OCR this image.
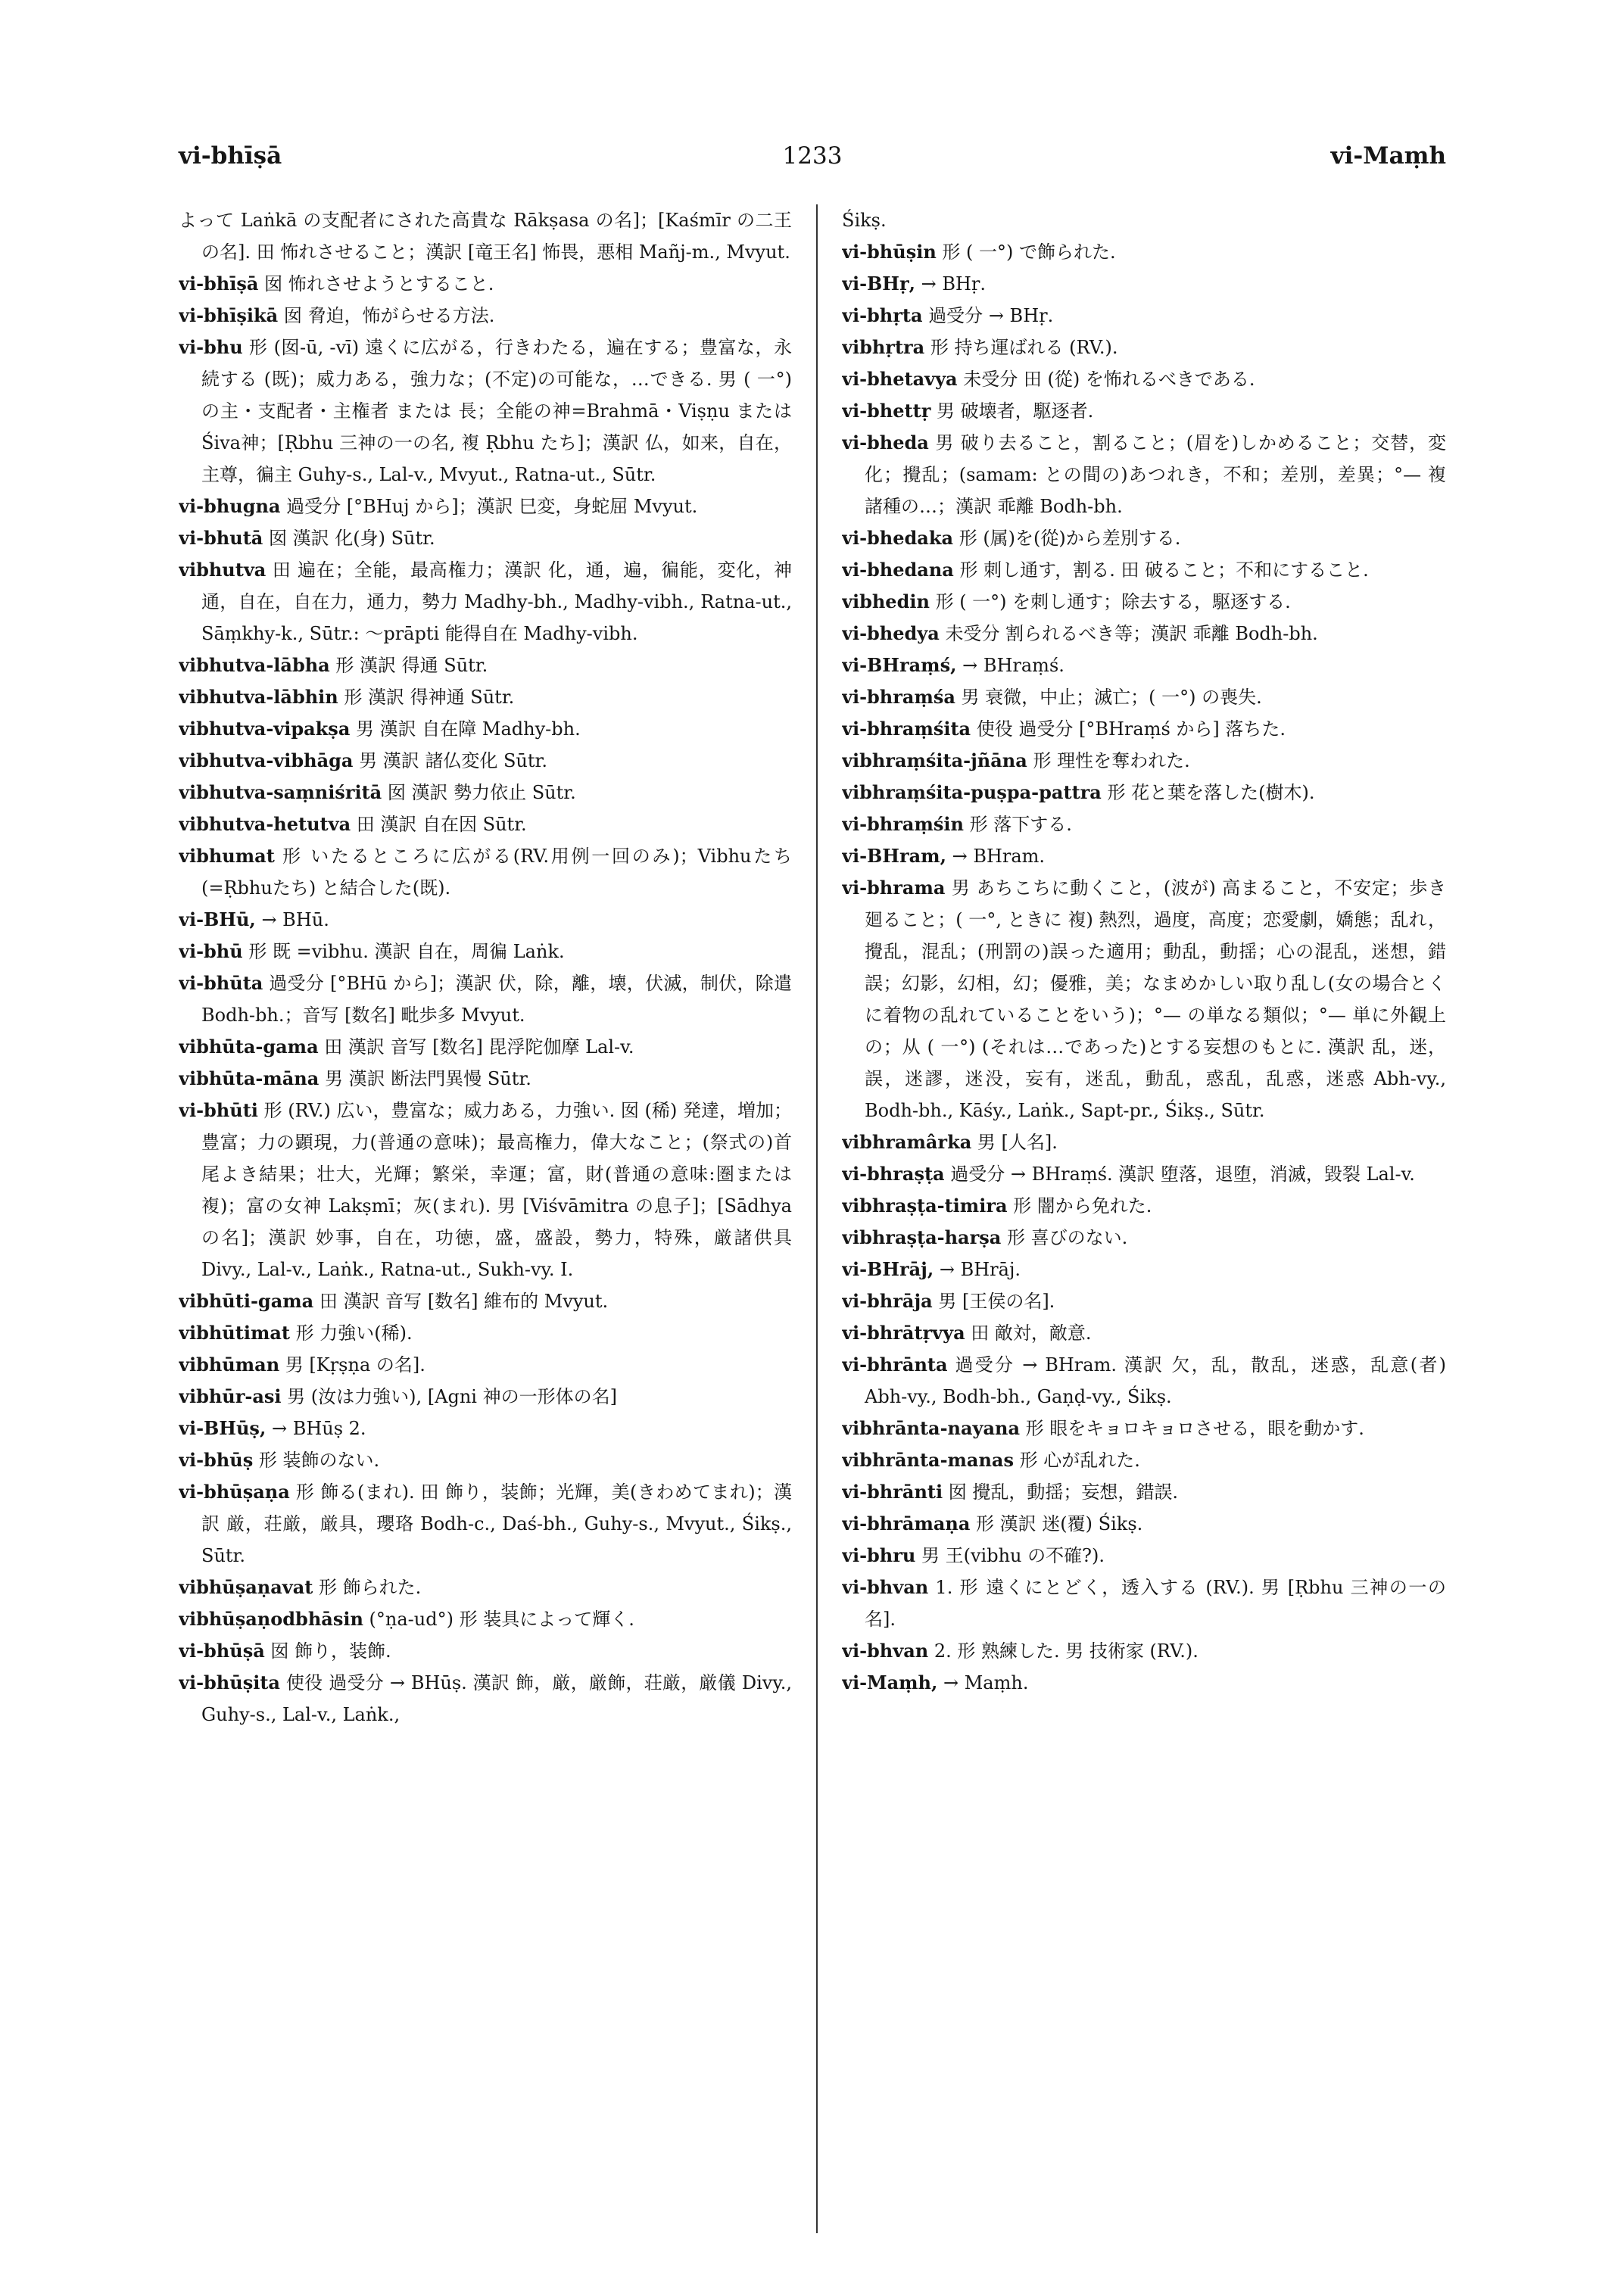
vi-bhīṣā	1233	vi-Maṃh

よって Laṅkā の支配者にされた高貴な Rākṣasa の名]；[Kaśmīr の二王の名]. 田 怖れさせること；漢訳 [竜王名] 怖畏，悪相 Mañj-m., Mvyut.

vi-bhīṣā 囡 怖れさせようとすること.

vi-bhīṣikā 囡 脅迫，怖がらせる方法.

vi-bhu 形 (囡-ū, -vī) 遠くに広がる，行きわたる，遍在する；豊富な，永続する (既)；威力ある，強力な；(不定)の可能な，…できる. 男 ( 一°) の主・支配者・主権者 または 長；全能の神=Brahmā・Viṣṇu または Śiva神；[Ṛbhu 三神の一の名, 複 Ṛbhu たち]；漢訳 仏，如来，自在，主尊，徧主 Guhy-s., Lal-v., Mvyut., Ratna-ut., Sūtr.

vi-bhugna 過受分 [°BHuj から]；漢訳 巳変，身蛇屈 Mvyut.

vi-bhutā 囡 漢訳 化(身) Sūtr.

vibhutva 田 遍在；全能，最高権力；漢訳 化，通，遍，徧能，変化，神通，自在，自在力，通力，勢力 Madhy-bh., Madhy-vibh., Ratna-ut., Sāṃkhy-k., Sūtr.: ～prāpti 能得自在 Madhy-vibh.

vibhutva-lābha 形 漢訳 得通 Sūtr.

vibhutva-lābhin 形 漢訳 得神通 Sūtr.

vibhutva-vipakṣa 男 漢訳 自在障 Madhy-bh.

vibhutva-vibhāga 男 漢訳 諸仏変化 Sūtr.

vibhutva-saṃniśritā 囡 漢訳 勢力依止 Sūtr.

vibhutva-hetutva 田 漢訳 自在因 Sūtr.

vibhumat 形 いたるところに広がる(RV.用例一回のみ)；Vibhuたち (=Ṛbhuたち) と結合した(既).

vi-BHū, → BHū.

vi-bhū 形 既 =vibhu. 漢訳 自在，周徧 Laṅk.

vi-bhūta 過受分 [°BHū から]；漢訳 伏，除，離，壊，伏滅，制伏，除遣 Bodh-bh.；音写 [数名] 毗歩多 Mvyut.

vibhūta-gama 田 漢訳 音写 [数名] 毘浮陀伽摩 Lal-v.

vibhūta-māna 男 漢訳 断法門異慢 Sūtr.

vi-bhūti 形 (RV.) 広い，豊富な；威力ある，力強い. 囡 (稀) 発達，増加；豊富；力の顕現，力(普通の意味)；最高権力，偉大なこと；(祭式の)首尾よき結果；壮大，光輝；繁栄，幸運；富，財(普通の意味:圏または複)；富の女神 Lakṣmī；灰(まれ). 男 [Viśvāmitra の息子]；[Sādhya の名]；漢訳 妙事，自在，功徳，盛，盛設，勢力，特殊，厳諸供具 Divy., Lal-v., Laṅk., Ratna-ut., Sukh-vy. I.

vibhūti-gama 田 漢訳 音写 [数名] 維布的 Mvyut.

vibhūtimat 形 力強い(稀).

vibhūman 男 [Kṛṣṇa の名].

vibhūr-asi 男 (汝は力強い), [Agni 神の一形体の名]

vi-BHūṣ, → BHūṣ 2.

vi-bhūṣ 形 装飾のない.

vi-bhūṣaṇa 形 飾る(まれ). 田 飾り，装飾；光輝，美(きわめてまれ)；漢訳 厳，荘厳，厳具，瓔珞 Bodh-c., Daś-bh., Guhy-s., Mvyut., Śikṣ., Sūtr.

vibhūṣaṇavat 形 飾られた.

vibhūṣaṇodbhāsin (°ṇa-ud°) 形 装具によって輝く.

vi-bhūṣā 囡 飾り，装飾.

vi-bhūṣita 使役 過受分 → BHūṣ. 漢訳 飾，厳，厳飾，荘厳，厳儀 Divy., Guhy-s., Lal-v., Laṅk.,

Śikṣ.

vi-bhūṣin 形 ( 一°) で飾られた.

vi-BHṛ, → BHṛ.

vi-bhṛta 過受分 → BHṛ.

vibhṛtra 形 持ち運ばれる (RV.).

vi-bhetavya 未受分 田 (從) を怖れるべきである.

vi-bhettṛ 男 破壊者，駆逐者.

vi-bheda 男 破り去ること，割ること；(眉を)しかめること；交替，変化；攪乱；(samam: との間の)あつれき，不和；差別，差異；°— 複 諸種の…；漢訳 乖離 Bodh-bh.

vi-bhedaka 形 (属)を(從)から差別する.

vi-bhedana 形 刺し通す，割る. 田 破ること；不和にすること.

vibhedin 形 ( 一°) を刺し通す；除去する，駆逐する.

vi-bhedya 未受分 割られるべき等；漢訳 乖離 Bodh-bh.

vi-BHraṃś, → BHraṃś.

vi-bhraṃśa 男 衰微，中止；滅亡；( 一°) の喪失.

vi-bhraṃśita 使役 過受分 [°BHraṃś から] 落ちた.

vibhraṃśita-jñāna 形 理性を奪われた.

vibhraṃśita-puṣpa-pattra 形 花と葉を落した(樹木).

vi-bhraṃśin 形 落下する.

vi-BHram, → BHram.

vi-bhrama 男 あちこちに動くこと，(波が) 高まること，不安定；歩き廻ること；( 一°, ときに 複) 熱烈，過度，高度；恋愛劇，嬌態；乱れ，攪乱，混乱；(刑罰の)誤った適用；動乱，動揺；心の混乱，迷想，錯誤；幻影，幻相，幻；優雅，美；なまめかしい取り乱し(女の場合とくに着物の乱れていることをいう)；°— の単なる類似；°— 単に外観上の；从 ( 一°) (それは…であった)とする妄想のもとに. 漢訳 乱，迷，誤，迷謬，迷没，妄有，迷乱，動乱，惑乱，乱惑，迷惑 Abh-vy., Bodh-bh., Kāśy., Laṅk., Sapt-pr., Śikṣ., Sūtr.

vibhramârka 男 [人名].

vi-bhraṣṭa 過受分 → BHraṃś. 漢訳 堕落，退堕，消滅，毀裂 Lal-v.

vibhraṣṭa-timira 形 闇から免れた.

vibhraṣṭa-harṣa 形 喜びのない.

vi-BHrāj, → BHrāj.

vi-bhrāja 男 [王侯の名].

vi-bhrātṛvya 田 敵対，敵意.

vi-bhrānta 過受分 → BHram. 漢訳 欠，乱，散乱，迷惑，乱意(者) Abh-vy., Bodh-bh., Gaṇḍ-vy., Śikṣ.

vibhrānta-nayana 形 眼をキョロキョロさせる，眼を動かす.

vibhrānta-manas 形 心が乱れた.

vi-bhrānti 囡 攪乱，動揺；妄想，錯誤.

vi-bhrāmaṇa 形 漢訳 迷(覆) Śikṣ.

vi-bhru 男 王(vibhu の不確?).

vi-bhvan 1. 形 遠くにとどく，透入する (RV.). 男 [Ṛbhu 三神の一の名].

vi-bhvan 2. 形 熟練した. 男 技術家 (RV.).

vi-Maṃh, → Maṃh.
